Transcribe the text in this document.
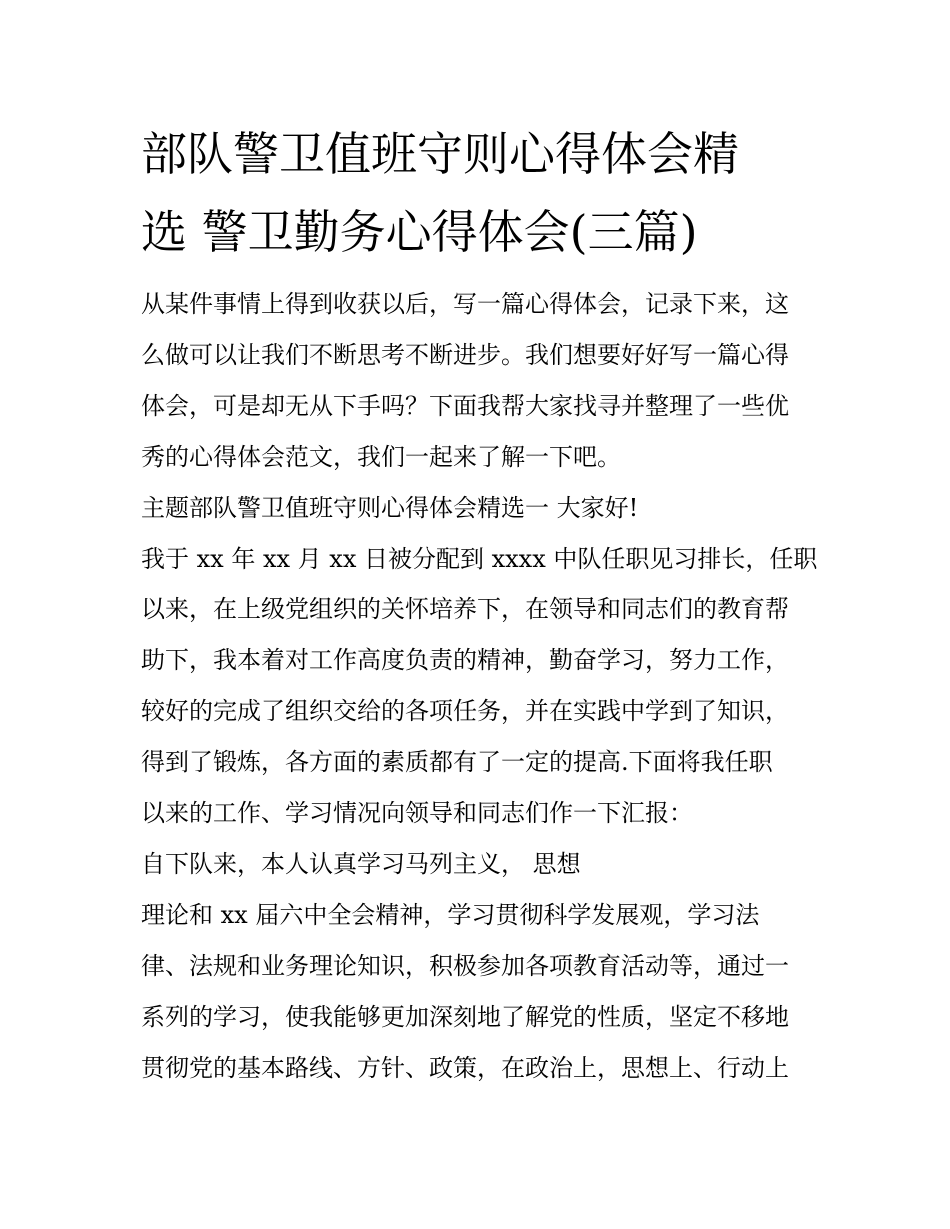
部队警卫值班守则心得体会精
选 警卫勤务心得体会(三篇)
从某件事情上得到收获以后，写一篇心得体会，记录下来，这
么做可以让我们不断思考不断进步。我们想要好好写一篇心得
体会，可是却无从下手吗？下面我帮大家找寻并整理了一些优
秀的心得体会范文，我们一起来了解一下吧。
主题部队警卫值班守则心得体会精选一 大家好!
我于 xx 年 xx 月 xx 日被分配到 xxxx 中队任职见习排长，任职
以来，在上级党组织的关怀培养下，在领导和同志们的教育帮
助下，我本着对工作高度负责的精神，勤奋学习，努力工作，
较好的完成了组织交给的各项任务，并在实践中学到了知识，
得到了锻炼，各方面的素质都有了一定的提高.下面将我任职
以来的工作、学习情况向领导和同志们作一下汇报：
自下队来，本人认真学习马列主义， 思想
理论和 xx 届六中全会精神，学习贯彻科学发展观，学习法
律、法规和业务理论知识，积极参加各项教育活动等，通过一
系列的学习，使我能够更加深刻地了解党的性质，坚定不移地
贯彻党的基本路线、方针、政策，在政治上，思想上、行动上
